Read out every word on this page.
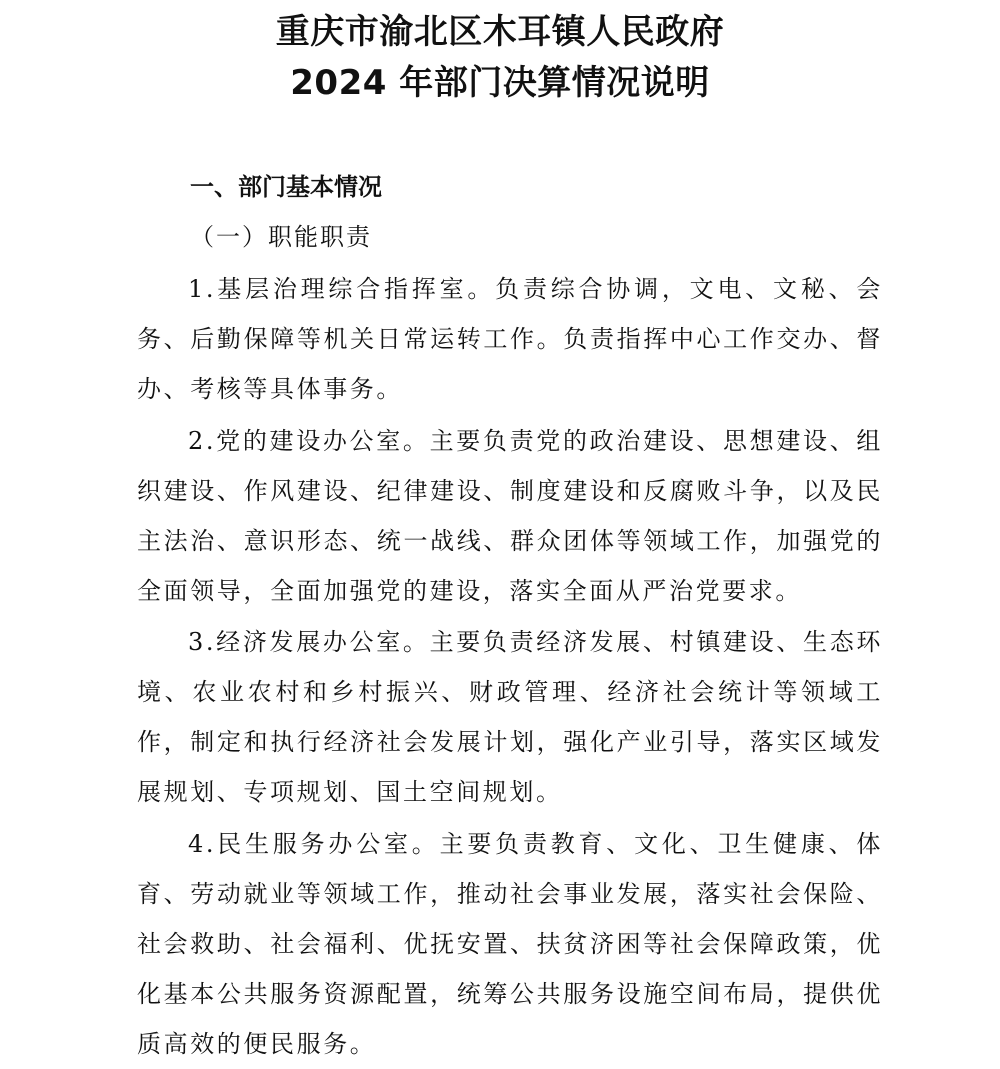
重庆市渝北区木耳镇人民政府
2024 年部门决算情况说明
一、部门基本情况
（一）职能职责

1.基层治理综合指挥室。负责综合协调，文电、文秘、会务、后勤保障等机关日常运转工作。负责指挥中心工作交办、督办、考核等具体事务。

2.党的建设办公室。主要负责党的政治建设、思想建设、组织建设、作风建设、纪律建设、制度建设和反腐败斗争，以及民主法治、意识形态、统一战线、群众团体等领域工作，加强党的全面领导，全面加强党的建设，落实全面从严治党要求。

3.经济发展办公室。主要负责经济发展、村镇建设、生态环境、农业农村和乡村振兴、财政管理、经济社会统计等领域工作，制定和执行经济社会发展计划，强化产业引导，落实区域发展规划、专项规划、国土空间规划。

4.民生服务办公室。主要负责教育、文化、卫生健康、体育、劳动就业等领域工作，推动社会事业发展，落实社会保险、社会救助、社会福利、优抚安置、扶贫济困等社会保障政策，优化基本公共服务资源配置，统筹公共服务设施空间布局，提供优质高效的便民服务。
